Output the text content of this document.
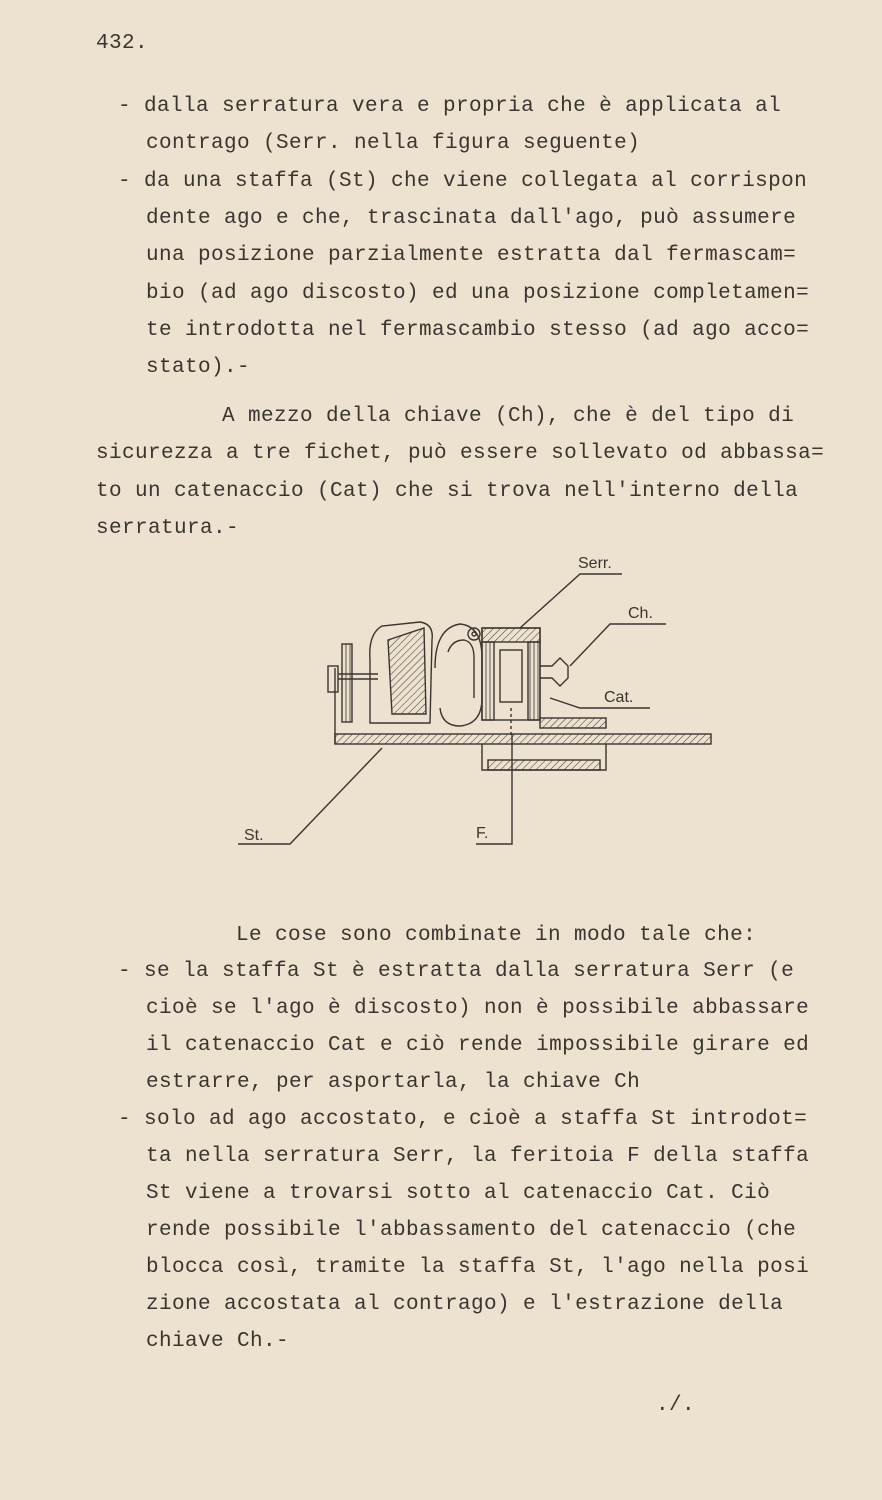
432.
- dalla serratura vera e propria che è applicata al
contrago (Serr. nella figura seguente)
- da una staffa (St) che viene collegata al corrispon
dente ago e che, trascinata dall'ago, può assumere
una posizione parzialmente estratta dal fermascam=
bio (ad ago discosto) ed una posizione completamen=
te introdotta nel fermascambio stesso (ad ago acco=
stato).-
A mezzo della chiave (Ch), che è del tipo di
sicurezza a tre fichet, può essere sollevato od abbassa=
to un catenaccio (Cat) che si trova nell'interno della
serratura.-
Serr.
Ch.
Cat.
St.	F.
Le cose sono combinate in modo tale che:
- se la staffa St è estratta dalla serratura Serr (e
cioè se l'ago è discosto) non è possibile abbassare
il catenaccio Cat e ciò rende impossibile girare ed
estrarre, per asportarla, la chiave Ch
- solo ad ago accostato, e cioè a staffa St introdot=
ta nella serratura Serr, la feritoia F della staffa
St viene a trovarsi sotto al catenaccio Cat. Ciò
rende possibile l'abbassamento del catenaccio (che
blocca così, tramite la staffa St, l'ago nella posi
zione accostata al contrago) e l'estrazione della
chiave Ch.-
./.
